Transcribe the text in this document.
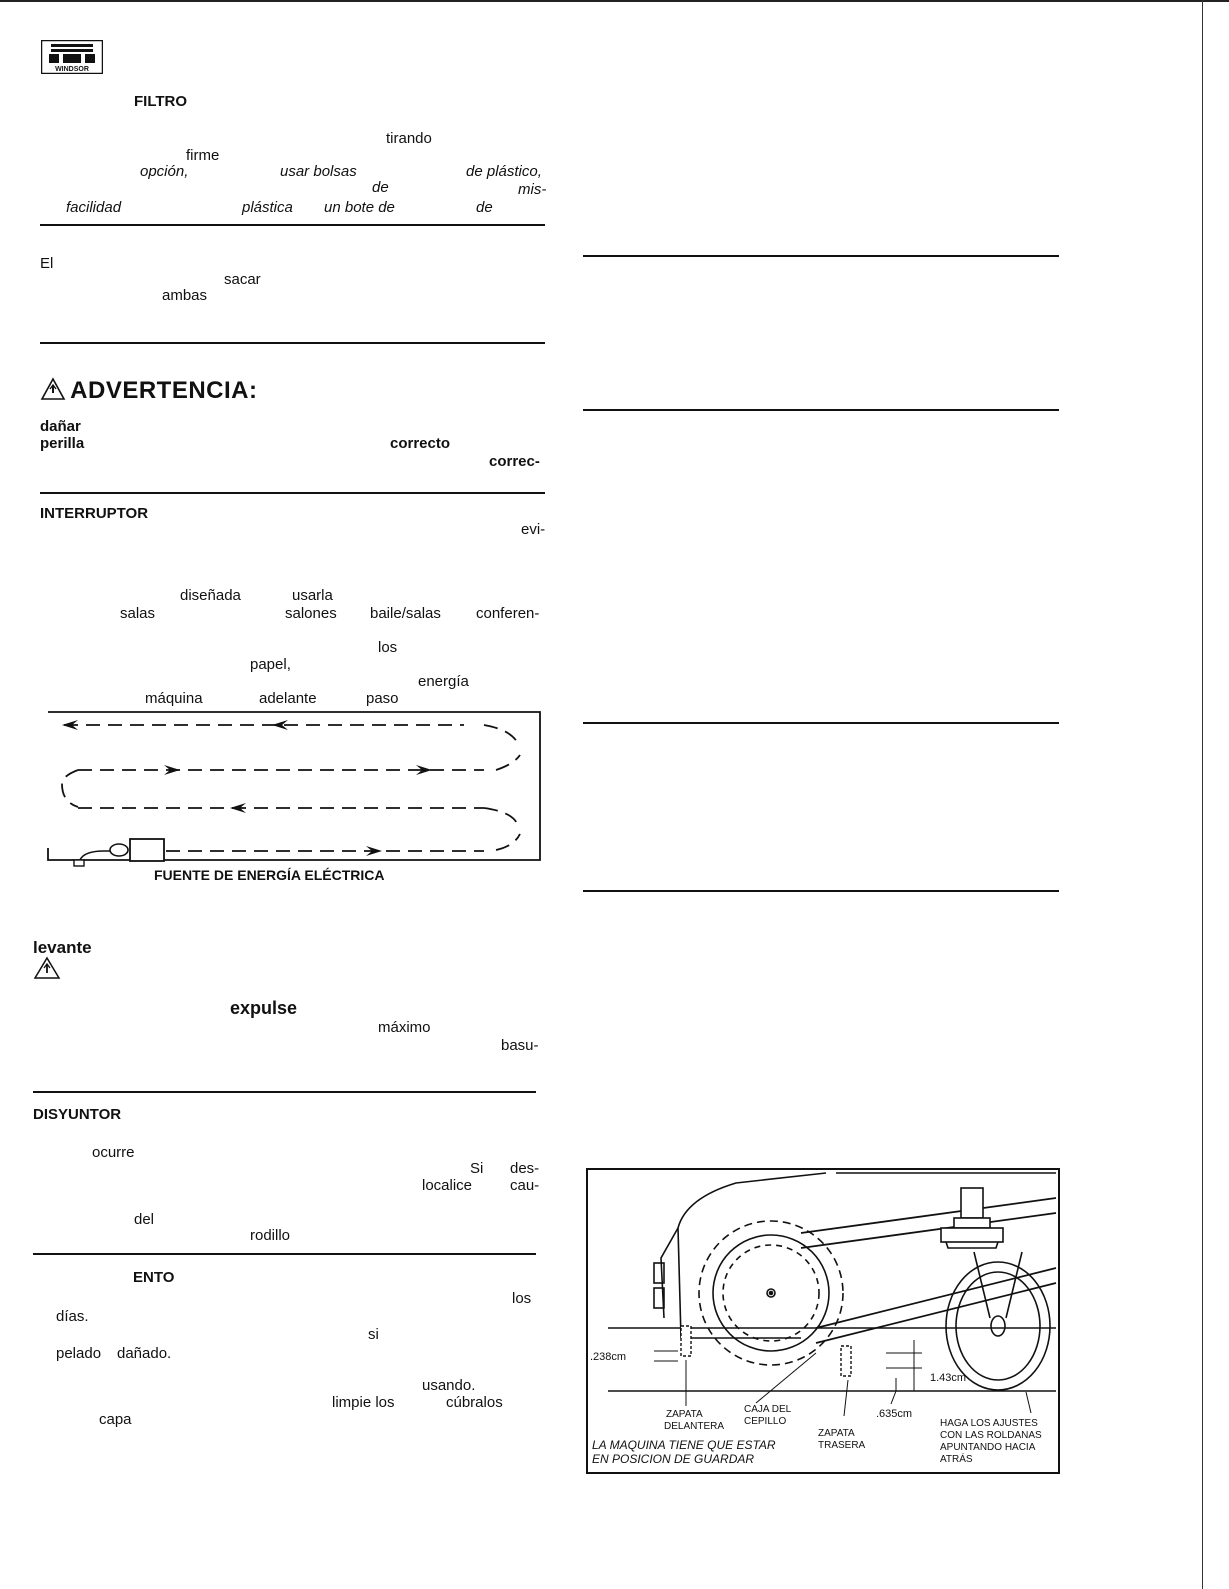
WINDSOR
FILTRO
tirando
firme
opción,	usar bolsas	de plástico,
de	mis-
facilidad	plástica un bote de	de
El
sacar
ambas
ADVERTENCIA:
dañar
perilla	correcto
correc-
INTERRUPTOR
evi-
diseñada	usarla
salas	salones baile/salas conferen-
los
papel,
energía
máquina	adelante	paso
FUENTE DE ENERGÍA ELÉCTRICA
levante
expulse
máximo
basu-
DISYUNTOR
ocurre
Si des-
localice	cau-
del
rodillo
ENTO
los
días.
si
pelado dañado.
usando.
limpie los	cúbralos
capa
.238cm
1.43cm
.635cm
ZAPATA
DELANTERA
CAJA DEL
CEPILLO
ZAPATA
TRASERA
HAGA LOS AJUSTES
CON LAS ROLDANAS
APUNTANDO HACIA
ATRÁS
LA MAQUINA TIENE QUE ESTAR
EN POSICION DE GUARDAR
